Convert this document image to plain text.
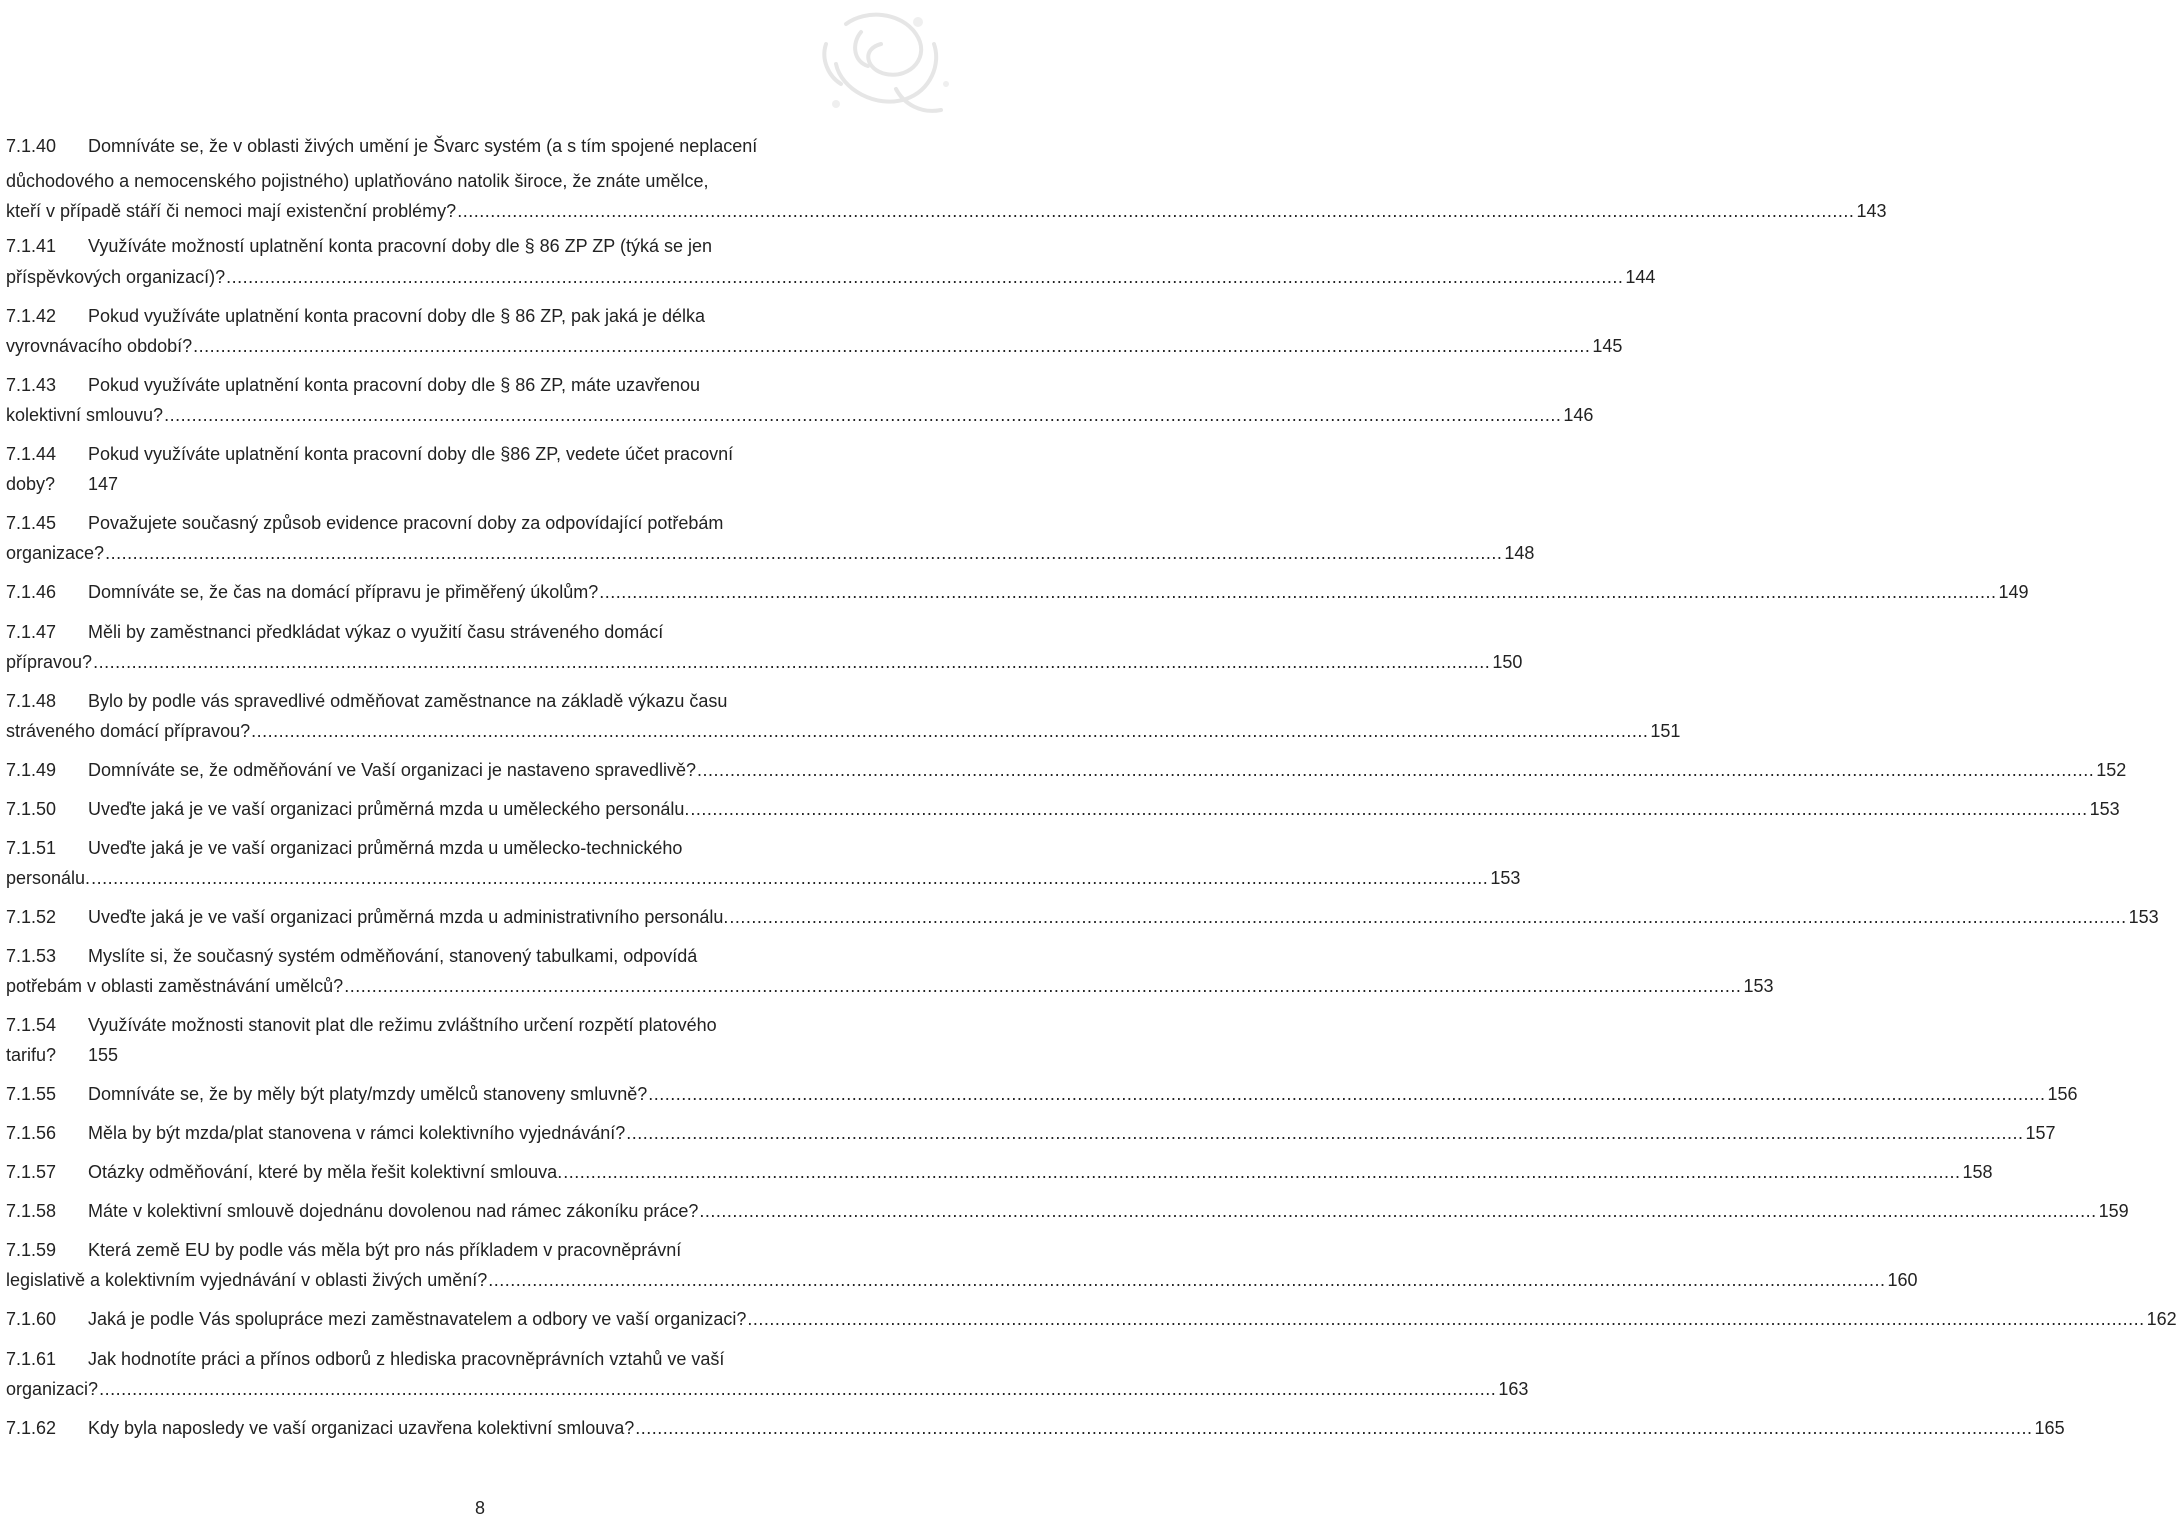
7.1.40	Domníváte se, že v oblasti živých umění je Švarc systém (a s tím spojené neplacení
důchodového a nemocenského pojistného) uplatňováno natolik široce, že znáte umělce,
kteří v případě stáří či nemoci mají existenční problémy? .....	143
7.1.41	Využíváte možností uplatnění konta pracovní doby dle § 86 ZP ZP (týká se jen
příspěvkových organizací)? .....	144
7.1.42	Pokud využíváte uplatnění konta pracovní doby dle § 86 ZP, pak jaká je délka
vyrovnávacího období? .....	145
7.1.43	Pokud využíváte uplatnění konta pracovní doby dle § 86 ZP, máte uzavřenou
kolektivní smlouvu? .....	146
7.1.44	Pokud využíváte uplatnění konta pracovní doby dle §86 ZP, vedete účet pracovní
doby?	147
7.1.45	Považujete současný způsob evidence pracovní doby za odpovídající potřebám
organizace? .....	148
7.1.46	Domníváte se, že čas na domácí přípravu je přiměřený úkolům? .....	149
7.1.47	Měli by zaměstnanci předkládat výkaz o využití času stráveného domácí
přípravou? .....	150
7.1.48	Bylo by podle vás spravedlivé odměňovat zaměstnance na základě výkazu času
stráveného domácí přípravou? .....	151
7.1.49	Domníváte se, že odměňování ve Vaší organizaci je nastaveno spravedlivě? .....	152
7.1.50	Uveďte jaká je ve vaší organizaci průměrná mzda u uměleckého personálu. .....	153
7.1.51	Uveďte jaká je ve vaší organizaci průměrná mzda u umělecko-technického
personálu. .....	153
7.1.52	Uveďte jaká je ve vaší organizaci průměrná mzda u administrativního personálu. .....	153
7.1.53	Myslíte si, že současný systém odměňování, stanovený tabulkami, odpovídá
potřebám v oblasti zaměstnávání umělců? .....	153
7.1.54	Využíváte možnosti stanovit plat dle režimu zvláštního určení rozpětí platového
tarifu?	155
7.1.55	Domníváte se, že by měly být platy/mzdy umělců stanoveny smluvně? .....	156
7.1.56	Měla by být mzda/plat stanovena v rámci kolektivního vyjednávání? .....	157
7.1.57	Otázky odměňování, které by měla řešit kolektivní smlouva. .....	158
7.1.58	Máte v kolektivní smlouvě dojednánu dovolenou nad rámec zákoníku práce? .....	159
7.1.59	Která země EU by podle vás měla být pro nás příkladem v pracovněprávní
legislativě a kolektivním vyjednávání v oblasti živých umění? .....	160
7.1.60	Jaká je podle Vás spolupráce mezi zaměstnavatelem a odbory ve vaší organizaci? .....	162
7.1.61	Jak hodnotíte práci a přínos odborů z hlediska pracovněprávních vztahů ve vaší
organizaci? .....	163
7.1.62	Kdy byla naposledy ve vaší organizaci uzavřena kolektivní smlouva? .....	165
8
